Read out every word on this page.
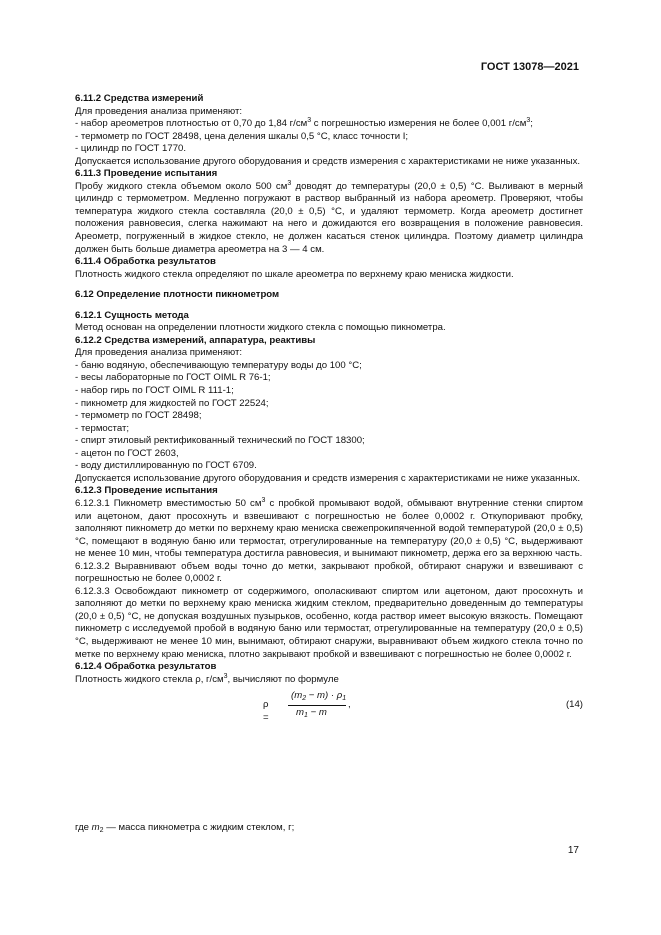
ГОСТ 13078—2021
6.11.2 Средства измерений
Для проведения анализа применяют:
- набор ареометров плотностью от 0,70 до 1,84 $г/см^3$ с погрешностью измерения не более 0,001 $г/см^3$;
- термометр по ГОСТ 28498, цена деления шкалы 0,5 °С, класс точности I;
- цилиндр по ГОСТ 1770.
Допускается использование другого оборудования и средств измерения с характеристиками не ниже указанных.
6.11.3 Проведение испытания
Пробу жидкого стекла объемом около 500 $см^3$ доводят до температуры (20,0 ± 0,5) °С. Выливают в мерный цилиндр с термометром. Медленно погружают в раствор выбранный из набора ареометр. Проверяют, чтобы температура жидкого стекла составляла (20,0 ± 0,5) °С, и удаляют термометр. Когда ареометр достигнет положения равновесия, слегка нажимают на него и дожидаются его возвращения в положение равновесия. Ареометр, погруженный в жидкое стекло, не должен касаться стенок цилиндра. Поэтому диаметр цилиндра должен быть больше диаметра ареометра на 3 — 4 см.
6.11.4 Обработка результатов
Плотность жидкого стекла определяют по шкале ареометра по верхнему краю мениска жидкости.
6.12 Определение плотности пикнометром
6.12.1 Сущность метода
Метод основан на определении плотности жидкого стекла с помощью пикнометра.
6.12.2 Средства измерений, аппаратура, реактивы
Для проведения анализа применяют:
- баню водяную, обеспечивающую температуру воды до 100 °С;
- весы лабораторные по ГОСТ OIML R 76-1;
- набор гирь по ГОСТ OIML R 111-1;
- пикнометр для жидкостей по ГОСТ 22524;
- термометр по ГОСТ 28498;
- термостат;
- спирт этиловый ректификованный технический по ГОСТ 18300;
- ацетон по ГОСТ 2603,
- воду дистиллированную по ГОСТ 6709.
Допускается использование другого оборудования и средств измерения с характеристиками не ниже указанных.
6.12.3 Проведение испытания
6.12.3.1 Пикнометр вместимостью 50 $см^3$ с пробкой промывают водой, обмывают внутренние стенки спиртом или ацетоном, дают просохнуть и взвешивают с погрешностью не более 0,0002 г. Откупоривают пробку, заполняют пикнометр до метки по верхнему краю мениска свежепрокипяченной водой температурой (20,0 ± 0,5) °С, помещают в водяную баню или термостат, отрегулированные на температуру (20,0 ± 0,5) °С, выдерживают не менее 10 мин, чтобы температура достигла равновесия, и вынимают пикнометр, держа его за верхнюю часть.
6.12.3.2 Выравнивают объем воды точно до метки, закрывают пробкой, обтирают снаружи и взвешивают с погрешностью не более 0,0002 г.
6.12.3.3 Освобождают пикнометр от содержимого, ополаскивают спиртом или ацетоном, дают просохнуть и заполняют до метки по верхнему краю мениска жидким стеклом, предварительно доведенным до температуры (20,0 ± 0,5) °С, не допуская воздушных пузырьков, особенно, когда раствор имеет высокую вязкость. Помещают пикнометр с исследуемой пробой в водяную баню или термостат, отрегулированные на температуру (20,0 ± 0,5)°С, выдерживают не менее 10 мин, вынимают, обтирают снаружи, выравнивают объем жидкого стекла точно по метке по верхнему краю мениска, плотно закрывают пробкой и взвешивают с погрешностью не более 0,0002 г.
6.12.4 Обработка результатов
Плотность жидкого стекла ρ, $г/см^3$, вычисляют по формуле
ρ =
$(m_2 - m) \cdot \rho_1$
$m_1 - m$
,	(14)
где $m_2$ — масса пикнометра с жидким стеклом, г;
17
